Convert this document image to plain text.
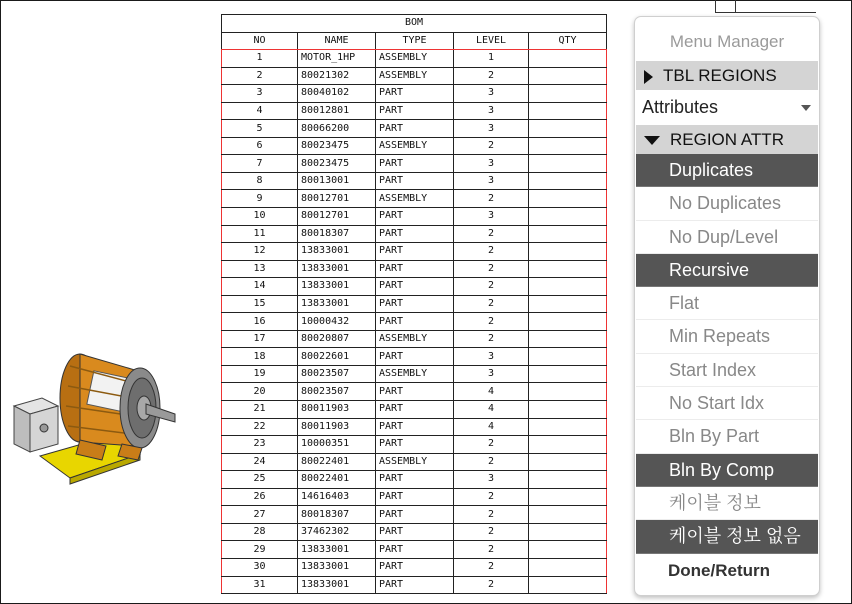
BOM				
NO	NAME	TYPE	LEVEL	QTY
1	MOTOR_1HP	ASSEMBLY	1	
2	80021302	ASSEMBLY	2	
3	80040102	PART	3	
4	80012801	PART	3	
5	80066200	PART	3	
6	80023475	ASSEMBLY	2	
7	80023475	PART	3	
8	80013001	PART	3	
9	80012701	ASSEMBLY	2	
10	80012701	PART	3	
11	80018307	PART	2	
12	13833001	PART	2	
13	13833001	PART	2	
14	13833001	PART	2	
15	13833001	PART	2	
16	10000432	PART	2	
17	80020807	ASSEMBLY	2	
18	80022601	PART	3	
19	80023507	ASSEMBLY	3	
20	80023507	PART	4	
21	80011903	PART	4	
22	80011903	PART	4	
23	10000351	PART	2	
24	80022401	ASSEMBLY	2	
25	80022401	PART	3	
26	14616403	PART	2	
27	80018307	PART	2	
28	37462302	PART	2	
29	13833001	PART	2	
30	13833001	PART	2	
31	13833001	PART	2	
Menu Manager
TBL REGIONS
Attributes
REGION ATTR
Duplicates
No Duplicates
No Dup/Level
Recursive
Flat
Min Repeats
Start Index
No Start Idx
Bln By Part
Bln By Comp
케이블 정보
케이블 정보 없음
Done/Return
